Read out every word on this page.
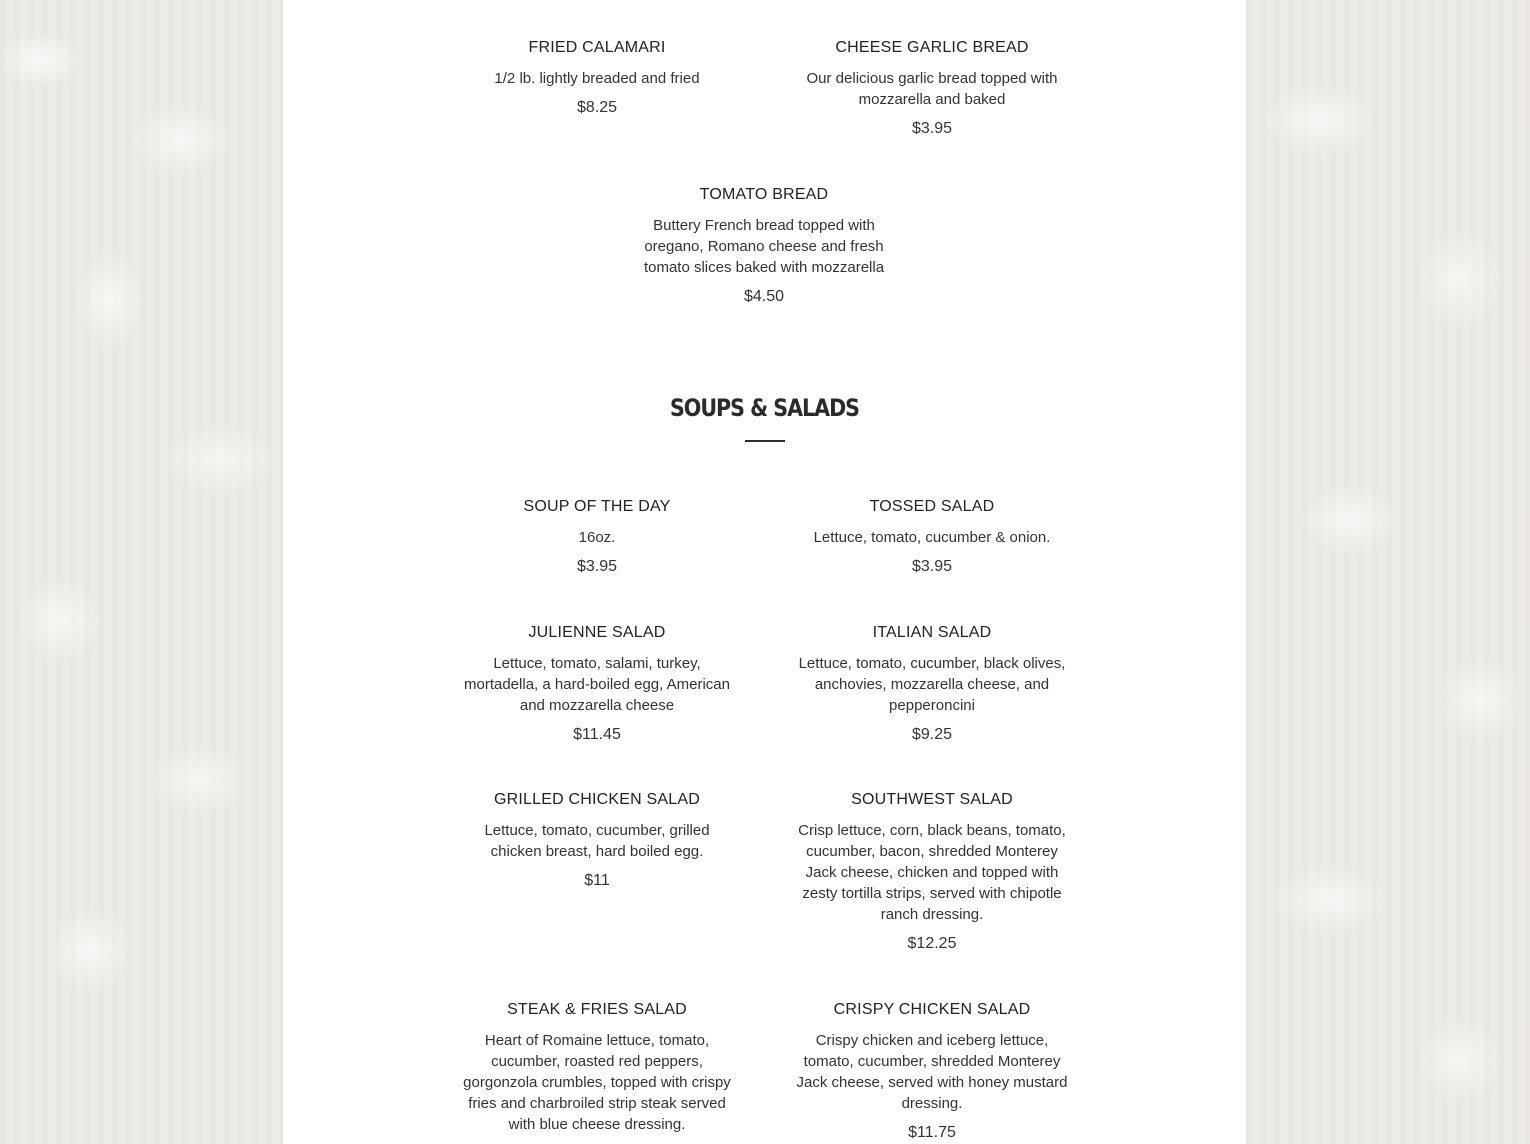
FRIED CALAMARI
1/2 lb. lightly breaded and fried
$8.25
CHEESE GARLIC BREAD
Our delicious garlic bread topped with mozzarella and baked
$3.95
TOMATO BREAD
Buttery French bread topped with oregano, Romano cheese and fresh tomato slices baked with mozzarella
$4.50
SOUPS & SALADS
SOUP OF THE DAY
16oz.
$3.95
TOSSED SALAD
Lettuce, tomato, cucumber & onion.
$3.95
JULIENNE SALAD
Lettuce, tomato, salami, turkey, mortadella, a hard-boiled egg, American and mozzarella cheese
$11.45
ITALIAN SALAD
Lettuce, tomato, cucumber, black olives, anchovies, mozzarella cheese, and pepperoncini
$9.25
GRILLED CHICKEN SALAD
Lettuce, tomato, cucumber, grilled chicken breast, hard boiled egg.
$11
SOUTHWEST SALAD
Crisp lettuce, corn, black beans, tomato, cucumber, bacon, shredded Monterey Jack cheese, chicken and topped with zesty tortilla strips, served with chipotle ranch dressing.
$12.25
STEAK & FRIES SALAD
Heart of Romaine lettuce, tomato, cucumber, roasted red peppers, gorgonzola crumbles, topped with crispy fries and charbroiled strip steak served with blue cheese dressing.
CRISPY CHICKEN SALAD
Crispy chicken and iceberg lettuce, tomato, cucumber, shredded Monterey Jack cheese, served with honey mustard dressing.
$11.75
